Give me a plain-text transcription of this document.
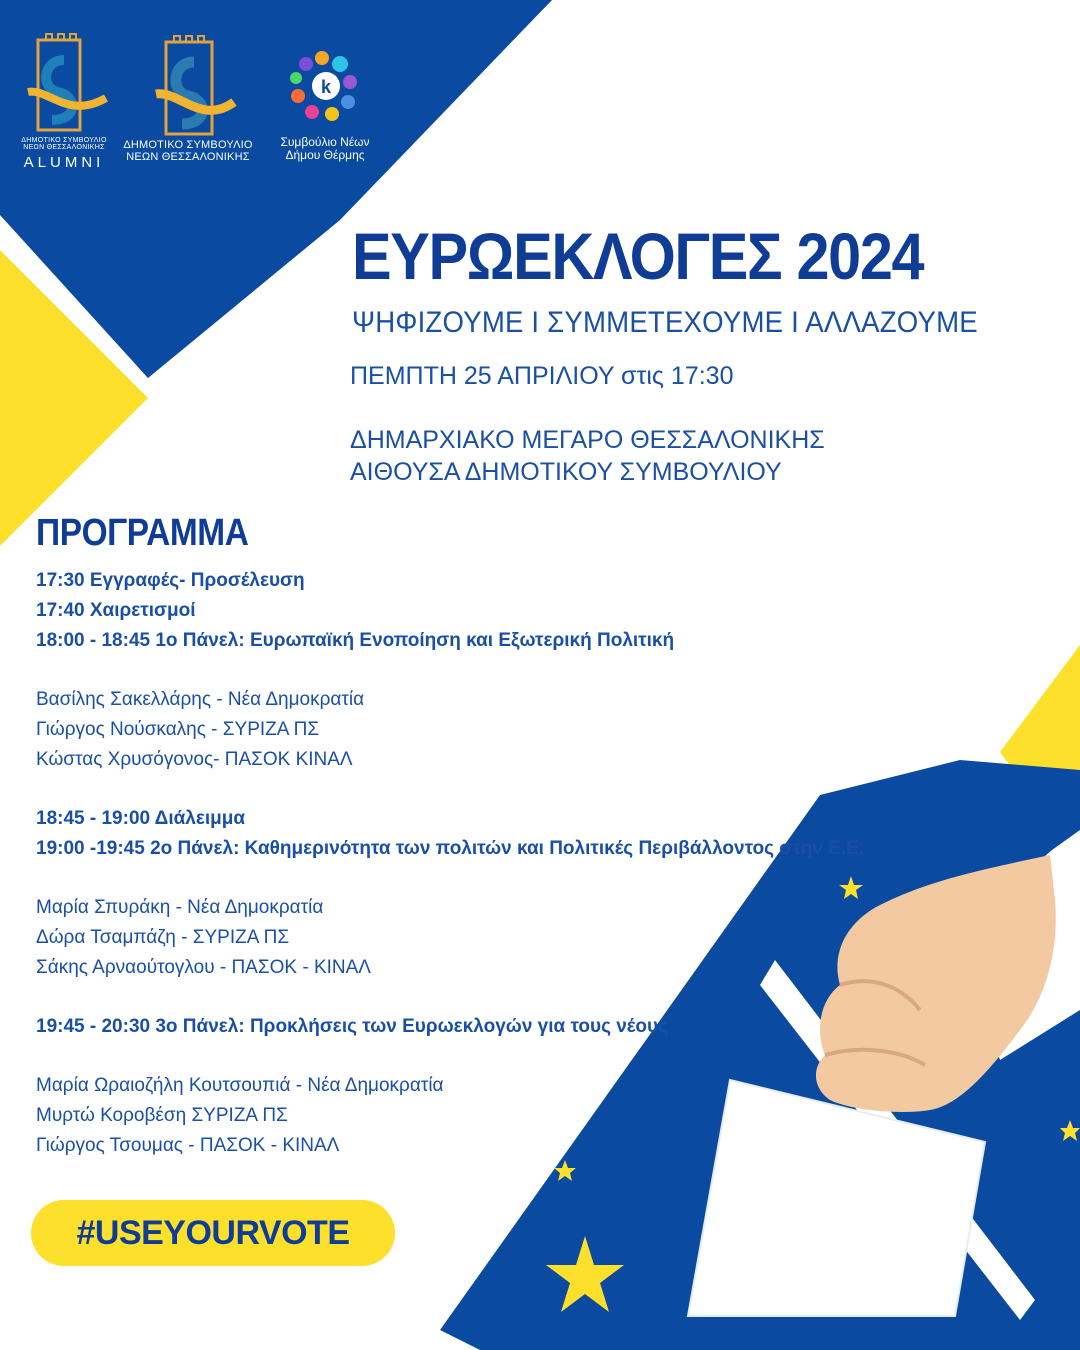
k
ΔΗΜΟΤΙΚΟ ΣΥΜΒΟΥΛΙΟ
ΝΕΩΝ ΘΕΣΣΑΛΟΝΙΚΗΣ
ALUMNI
ΔΗΜΟΤΙΚΟ ΣΥΜΒΟΥΛΙΟ
ΝΕΩΝ ΘΕΣΣΑΛΟΝΙΚΗΣ
Συμβούλιο Νέων
Δήμου Θέρμης
ΕΥΡΩΕΚΛΟΓΕΣ 2024
ΨΗΦΙΖΟΥΜΕ Ι ΣΥΜΜΕΤΕΧΟΥΜΕ Ι ΑΛΛΑΖΟΥΜΕ
ΠΕΜΠΤΗ 25 ΑΠΡΙΛΙΟΥ στις 17:30
ΔΗΜΑΡΧΙΑΚΟ ΜΕΓΑΡΟ ΘΕΣΣΑΛΟΝΙΚΗΣ
ΑΙΘΟΥΣΑ ΔΗΜΟΤΙΚΟΥ ΣΥΜΒΟΥΛΙΟΥ
ΠΡΟΓΡΑΜΜΑ
17:30 Εγγραφές- Προσέλευση
17:40 Χαιρετισμοί
18:00 - 18:45 1ο Πάνελ: Ευρωπαϊκή Ενοποίηση και Εξωτερική Πολιτική
Βασίλης Σακελλάρης - Νέα Δημοκρατία
Γιώργος Νούσκαλης - ΣΥΡΙΖΑ ΠΣ
Κώστας Χρυσόγονος- ΠΑΣΟΚ ΚΙΝΑΛ
18:45 - 19:00 Διάλειμμα
19:00 -19:45 2ο Πάνελ: Καθημερινότητα των πολιτών και Πολιτικές Περιβάλλοντος στην Ε.Ε.
Μαρία Σπυράκη - Νέα Δημοκρατία
Δώρα Τσαμπάζη - ΣΥΡΙΖΑ ΠΣ
Σάκης Αρναούτογλου - ΠΑΣΟΚ - ΚΙΝΑΛ
19:45 - 20:30 3ο Πάνελ: Προκλήσεις των Ευρωεκλογών για τους νέους
Μαρία Ωραιοζήλη Κουτσουπιά - Νέα Δημοκρατία
Μυρτώ Κοροβέση ΣΥΡΙΖΑ ΠΣ
Γιώργος Τσουμας - ΠΑΣΟΚ - ΚΙΝΑΛ
#USEYOURVOTE
